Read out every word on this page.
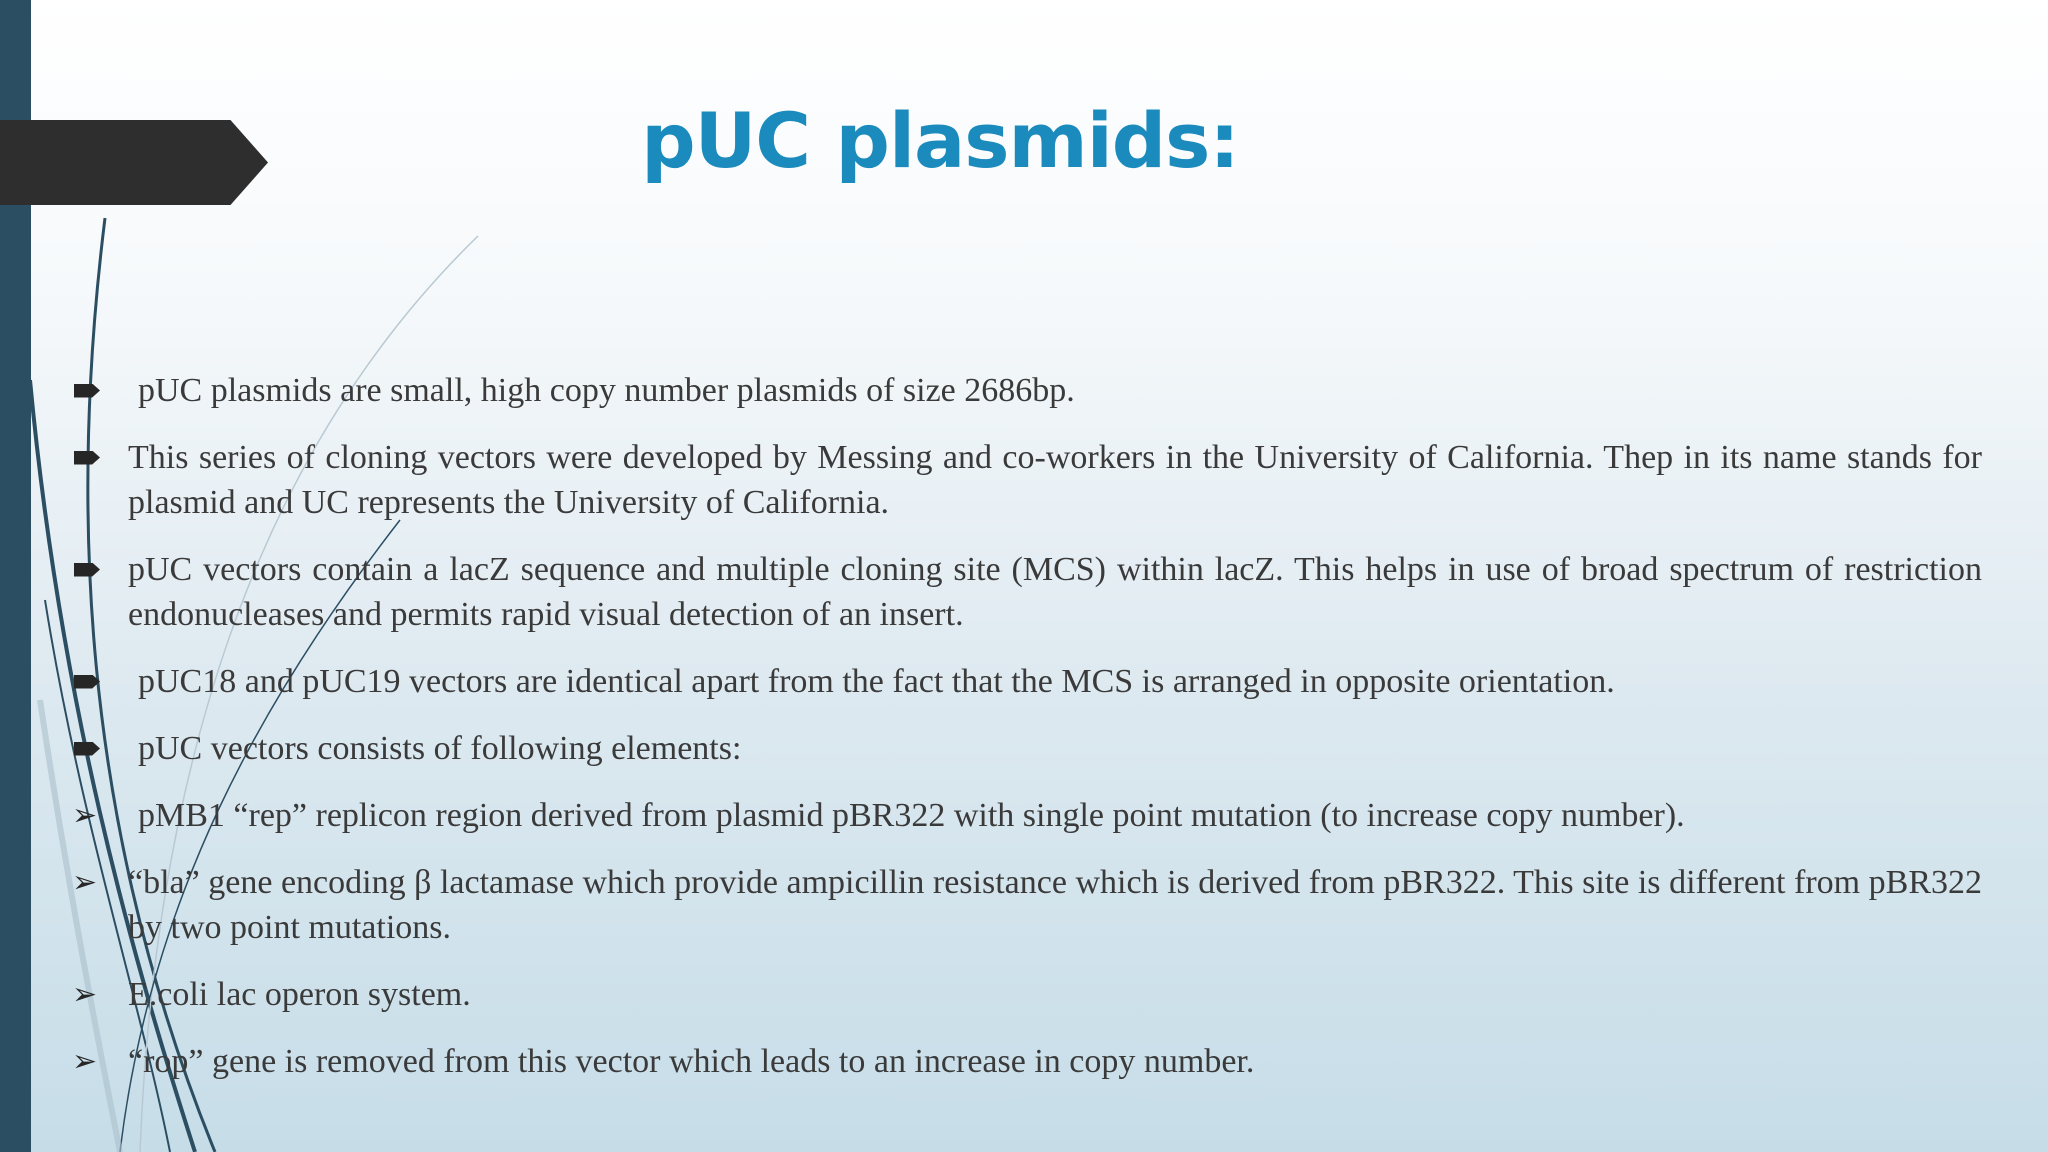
pUC plasmids:
pUC plasmids are small, high copy number plasmids of size 2686bp.
This series of cloning vectors were developed by Messing and co-workers in the University of California. Thep in its name stands for plasmid and UC represents the University of California.
pUC vectors contain a lacZ sequence and multiple cloning site (MCS) within lacZ. This helps in use of broad spectrum of restriction endonucleases and permits rapid visual detection of an insert.
pUC18 and pUC19 vectors are identical apart from the fact that the MCS is arranged in opposite orientation.
pUC vectors consists of following elements:
➢ pMB1 “rep” replicon region derived from plasmid pBR322 with single point mutation (to increase copy number).
➢ “bla” gene encoding β lactamase which provide ampicillin resistance which is derived from pBR322. This site is different from pBR322 by two point mutations.
➢ E.coli lac operon system.
➢ “rop” gene is removed from this vector which leads to an increase in copy number.
